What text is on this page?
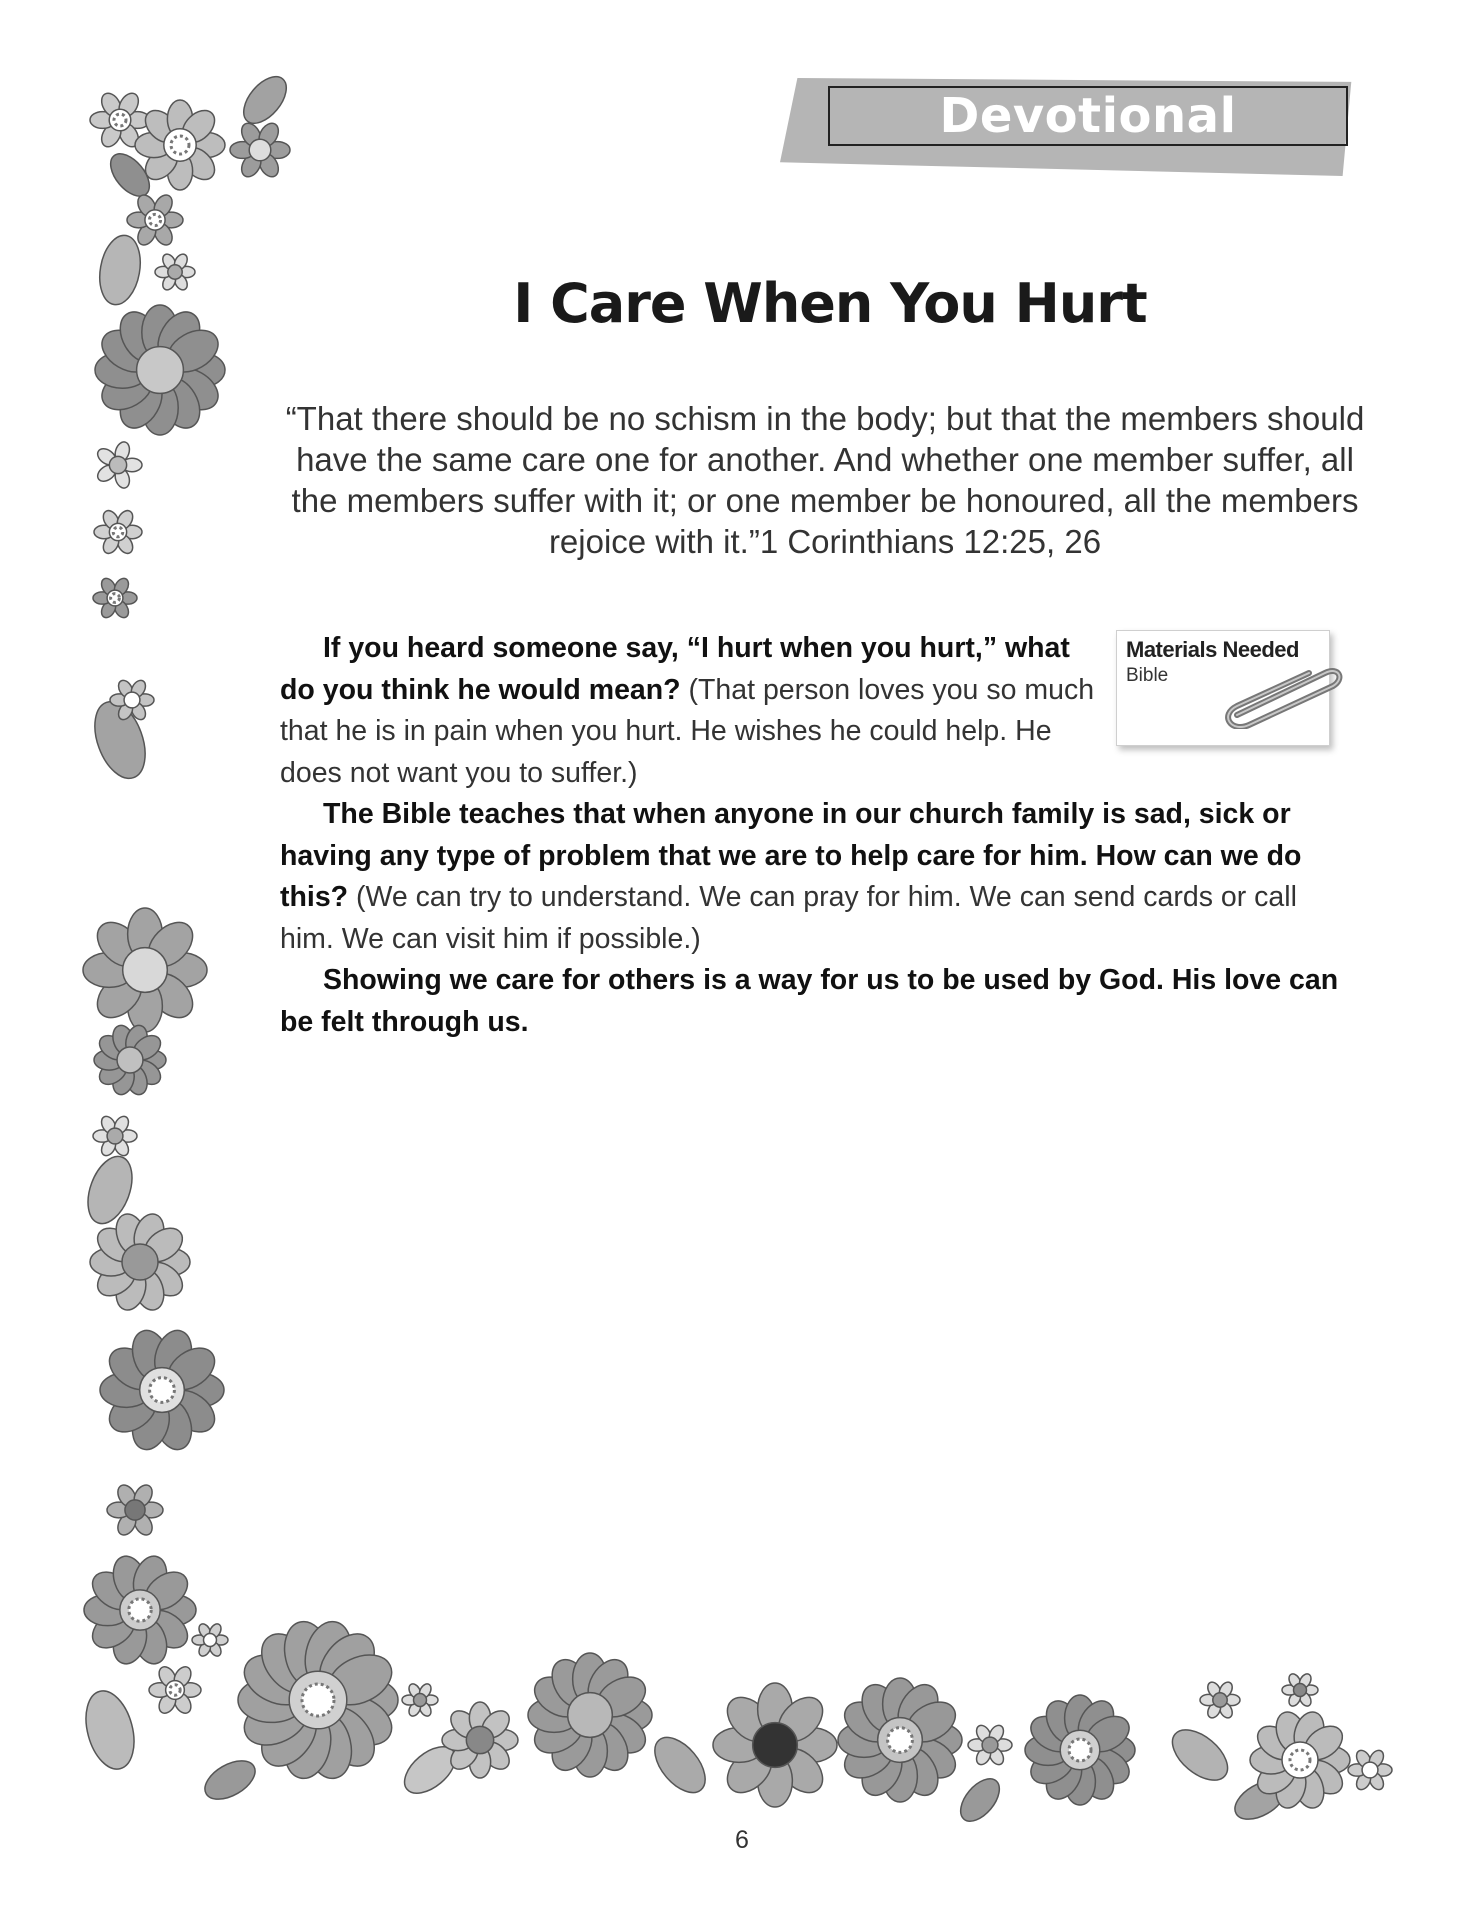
Devotional
I Care When You Hurt

“That there should be no schism in the body; but that the members should have the same care one for another. And whether one member suffer, all the members suffer with it; or one member be honoured, all the members rejoice with it.”1 Corinthians 12:25, 26

If you heard someone say, “I hurt when you hurt,” what do you think he would mean? (That person loves you so much that he is in pain when you hurt. He wishes he could help. He does not want you to suffer.)

The Bible teaches that when anyone in our church family is sad, sick or having any type of problem that we are to help care for him. How can we do this? (We can try to understand. We can pray for him. We can send cards or call him. We can visit him if possible.)

Showing we care for others is a way for us to be used by God. His love can be felt through us.

Materials Needed
Bible
6
